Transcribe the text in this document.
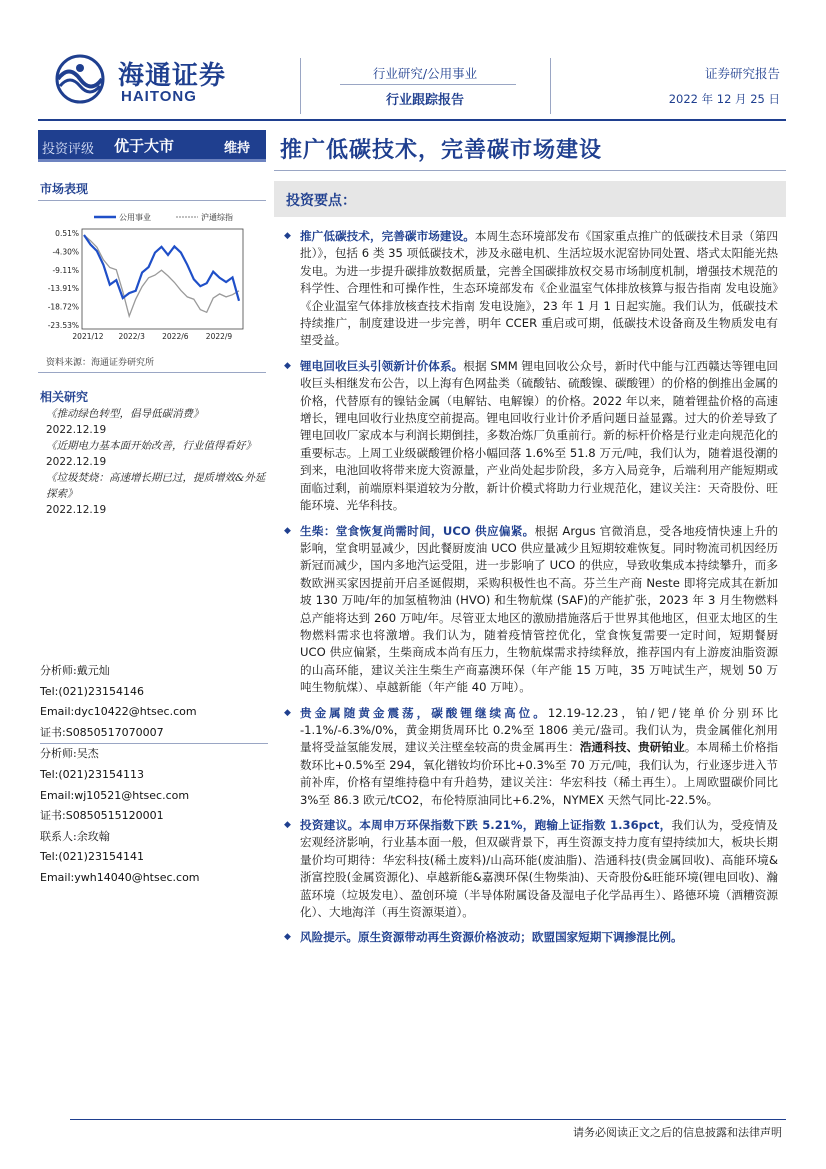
海通证券
HAITONG
行业研究/公用事业
行业跟踪报告
证券研究报告
2022 年 12 月 25 日
投资评级 优于大市	维持 推广低碳技术，完善碳市场建设
市场表现
0.51%
-4.30%
-9.11%
-13.91%
-18.72%
-23.53%
2021/12 2022/3 2022/6 2022/9
公用事业	沪通综指
资料来源：海通证券研究所
相关研究
《推动绿色转型，倡导低碳消费》
2022.12.19
《近期电力基本面开始改善，行业值得看好》
2022.12.19
《垃圾焚烧：高速增长期已过，提质增效&外延探索》
2022.12.19
分析师:戴元灿
Tel:(021)23154146
Email:dyc10422@htsec.com
证书:S0850517070007
分析师:吴杰
Tel:(021)23154113
Email:wj10521@htsec.com
证书:S0850515120001
联系人:余玫翰
Tel:(021)23154141
Email:ywh14040@htsec.com
投资要点：
◆ 推广低碳技术，完善碳市场建设。本周生态环境部发布《国家重点推广的低碳技术目录（第四批）》，包括 6 类 35 项低碳技术，涉及永磁电机、生活垃圾水泥窑协同处置、塔式太阳能光热发电。为进一步提升碳排放数据质量，完善全国碳排放权交易市场制度机制，增强技术规范的科学性、合理性和可操作性，生态环境部发布《企业温室气体排放核算与报告指南 发电设施》《企业温室气体排放核查技术指南 发电设施》，23 年 1 月 1 日起实施。我们认为，低碳技术持续推广，制度建设进一步完善，明年 CCER 重启或可期，低碳技术设备商及生物质发电有望受益。
◆ 锂电回收巨头引领新计价体系。根据 SMM 锂电回收公众号，新时代中能与江西赣达等锂电回收巨头相继发布公告，以上海有色网盐类（硫酸钴、硫酸镍、碳酸锂）的价格的倒推出金属的价格，代替原有的镍钴金属（电解钴、电解镍）的价格。2022 年以来，随着锂盐价格的高速增长，锂电回收行业热度空前提高。锂电回收行业计价矛盾问题日益显露。过大的价差导致了锂电回收厂家成本与利润长期倒挂，多数冶炼厂负重前行。新的标杆价格是行业走向规范化的重要标志。上周工业级碳酸锂价格小幅回落 1.6%至 51.8 万元/吨，我们认为，随着退役潮的到来，电池回收将带来庞大资源量，产业尚处起步阶段，多方入局竞争，后端利用产能短期或面临过剩，前端原料渠道较为分散，新计价模式将助力行业规范化，建议关注：天奇股份、旺能环境、光华科技。
◆ 生柴：堂食恢复尚需时间，UCO 供应偏紧。根据 Argus 官微消息，受各地疫情快速上升的影响，堂食明显减少，因此餐厨废油 UCO 供应量减少且短期较难恢复。同时物流司机因经历新冠而减少，国内多地汽运受阻，进一步影响了 UCO 的供应，导致收集成本持续攀升，而多数欧洲买家因提前开启圣诞假期，采购积极性也不高。芬兰生产商 Neste 即将完成其在新加坡 130 万吨/年的加氢植物油 (HVO) 和生物航煤 (SAF)的产能扩张，2023 年 3 月生物燃料总产能将达到 260 万吨/年。尽管亚太地区的激励措施落后于世界其他地区，但亚太地区的生物燃料需求也将激增。我们认为，随着疫情管控优化，堂食恢复需要一定时间，短期餐厨 UCO 供应偏紧，生柴商成本尚有压力，生物航煤需求持续释放，推荐国内有上游废油脂资源的山高环能，建议关注生柴生产商嘉澳环保（年产能 15 万吨，35 万吨试生产，规划 50 万吨生物航煤）、卓越新能（年产能 40 万吨）。
◆ 贵金属随黄金震荡，碳酸锂继续高位。12.19-12.23，铂/钯/铑单价分别环比 -1.1%/-6.3%/0%，黄金期货周环比 0.2%至 1806 美元/盎司。我们认为，贵金属催化剂用量将受益氢能发展，建议关注壁垒较高的贵金属再生：浩通科技、贵研铂业。本周稀土价格指数环比+0.5%至 294，氧化镨钕均价环比+0.3%至 70 万元/吨，我们认为，行业逐步进入节前补库，价格有望维持稳中有升趋势，建议关注：华宏科技（稀土再生）。上周欧盟碳价同比 3%至 86.3 欧元/tCO2，布伦特原油同比+6.2%，NYMEX 天然气同比-22.5%。
◆ 投资建议。本周申万环保指数下跌 5.21%，跑输上证指数 1.36pct，我们认为，受疫情及宏观经济影响，行业基本面一般，但双碳背景下，再生资源支持力度有望持续加大，板块长期量价均可期待：华宏科技(稀土废料)/山高环能(废油脂)、浩通科技(贵金属回收)、高能环境&浙富控股(金属资源化)、卓越新能&嘉澳环保(生物柴油)、天奇股份&旺能环境(锂电回收)、瀚蓝环境（垃圾发电）、盈创环境（半导体附属设备及湿电子化学品再生）、路德环境（酒糟资源化）、大地海洋（再生资源渠道）。
◆ 风险提示。原生资源带动再生资源价格波动；欧盟国家短期下调掺混比例。
请务必阅读正文之后的信息披露和法律声明
